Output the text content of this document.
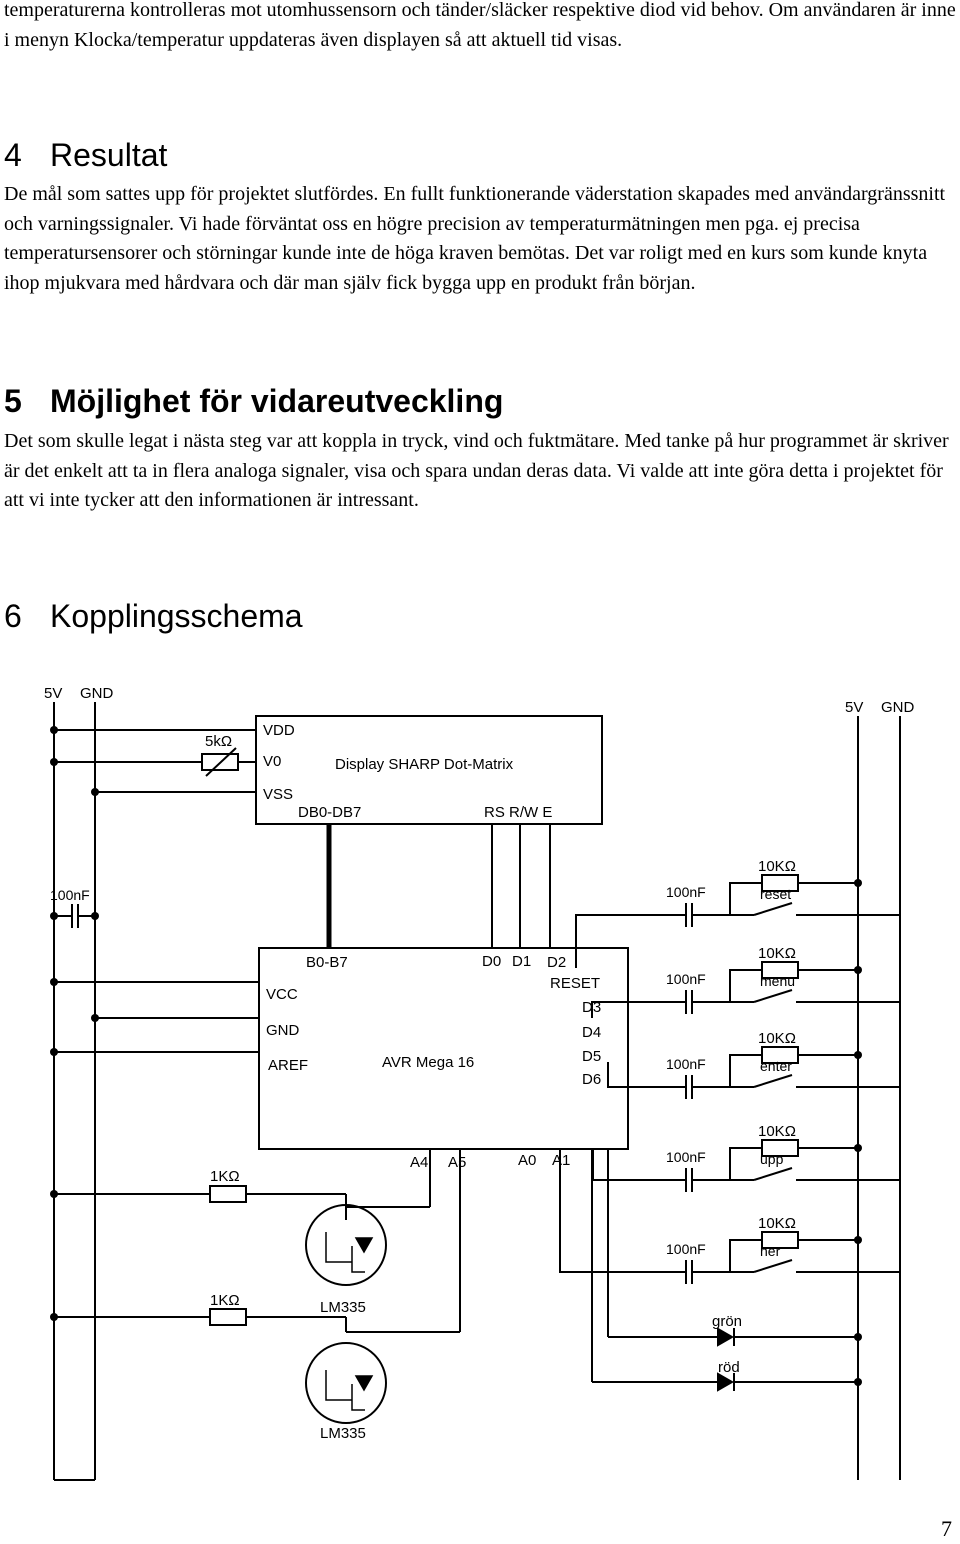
temperaturerna kontrolleras mot utomhussensorn och tänder/släcker respektive diod vid behov. Om användaren är inne i menyn Klocka/temperatur uppdateras även displayen så att aktuell tid visas.

4 Resultat

De mål som sattes upp för projektet slutfördes. En fullt funktionerande väderstation skapades med användargränssnitt och varningssignaler. Vi hade förväntat oss en högre precision av temperaturmätningen men pga. ej precisa temperatursensorer och störningar kunde inte de höga kraven bemötas. Det var roligt med en kurs som kunde knyta ihop mjukvara med hårdvara och där man själv fick bygga upp en produkt från början.

5 Möjlighet för vidareutveckling

Det som skulle legat i nästa steg var att koppla in tryck, vind och fuktmätare. Med tanke på hur programmet är skriver är det enkelt att ta in flera analoga signaler, visa och spara undan deras data. Vi valde att inte göra detta i projektet för att vi inte tycker att den informationen är intressant.

6 Kopplingsschema
5V GND
5V GND
5kΩ
100nF
VDD
V0
VSS
Display SHARP Dot-Matrix
DB0-DB7	RS R/W E
B0-B7	D0 D1 D2
VCC
GND
AREF	AVR Mega 16
RESET
D3
D4
D5
D6
A4 A5	A0 A1
1KΩ
LM335
1KΩ
LM335
grön
röd
10KΩ
100nF	reset
10KΩ
100nF	menu
10KΩ
100nF	enter
10KΩ
100nF	upp
10KΩ
100nF	ner
7
